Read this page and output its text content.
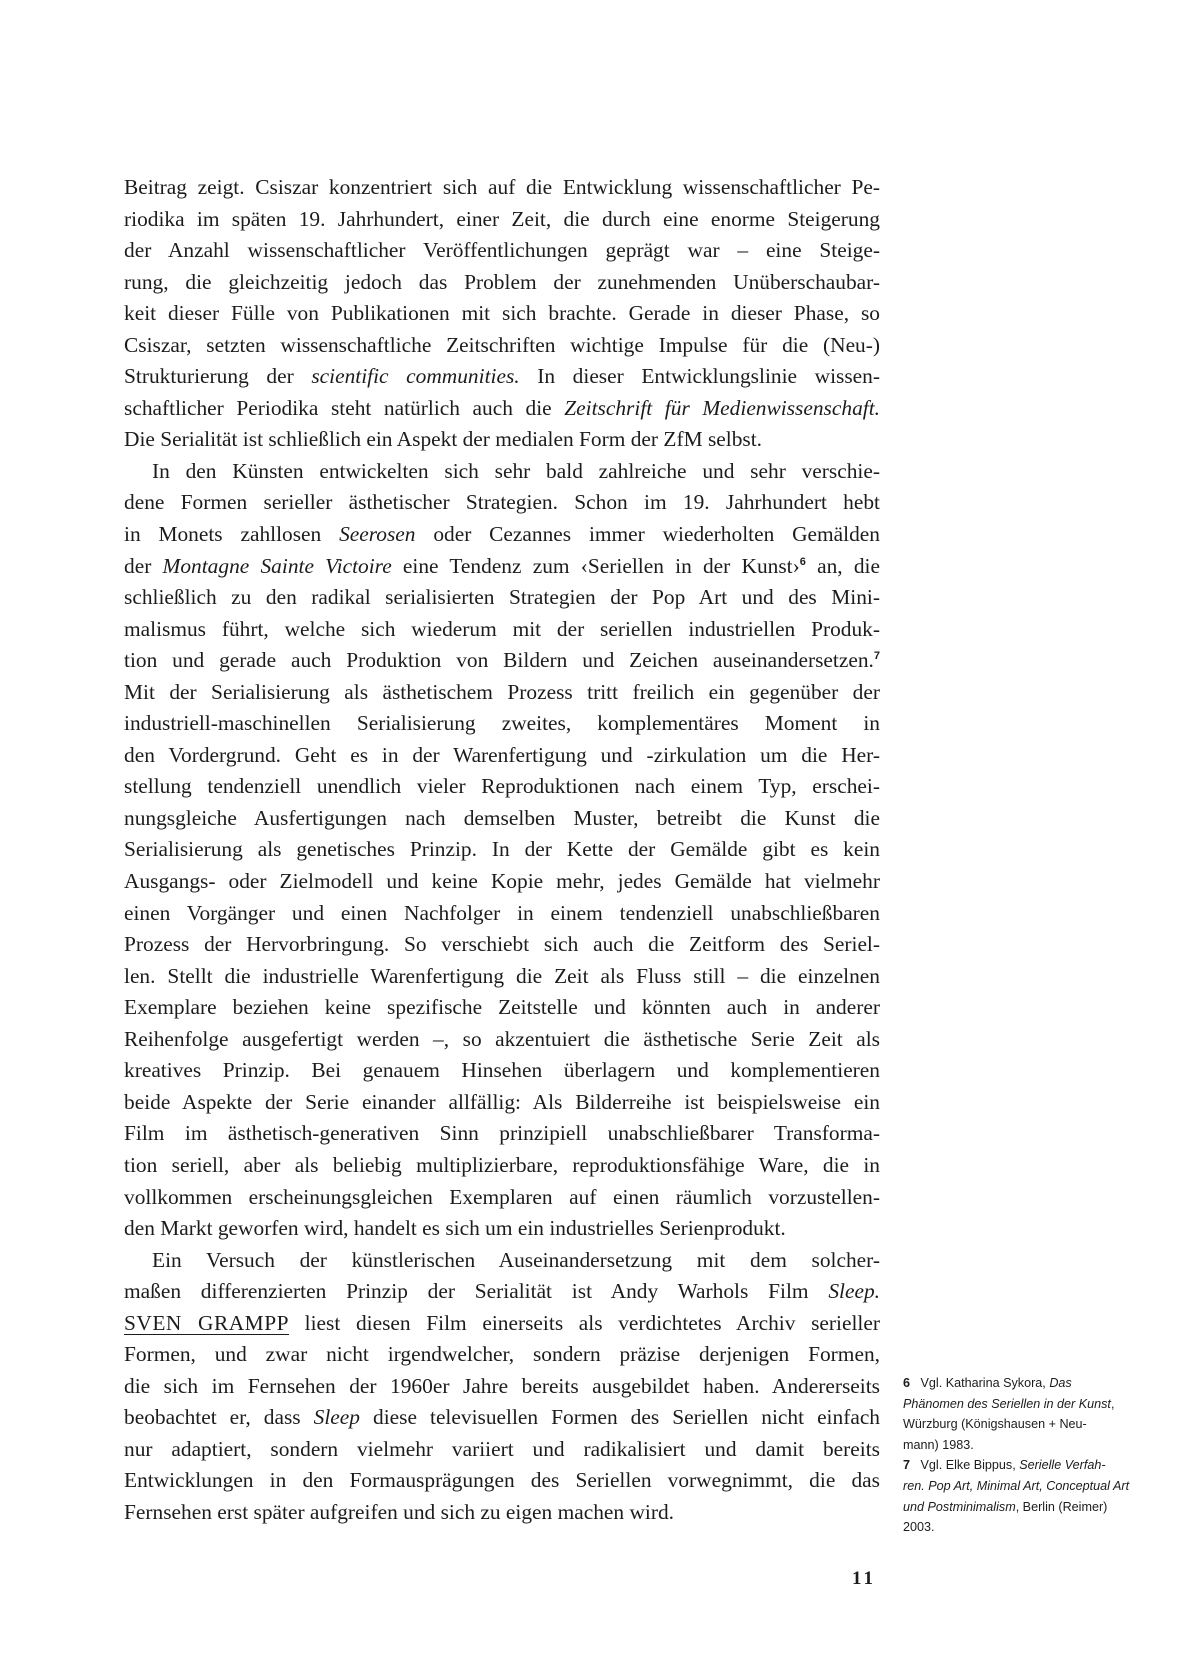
Beitrag zeigt. Csiszar konzentriert sich auf die Entwicklung wissenschaftlicher Pe-
riodika im späten 19. Jahrhundert, einer Zeit, die durch eine enorme Steigerung
der Anzahl wissenschaftlicher Veröffentlichungen geprägt war – eine Steige-
rung, die gleichzeitig jedoch das Problem der zunehmenden Unüberschaubar-
keit dieser Fülle von Publikationen mit sich brachte. Gerade in dieser Phase, so
Csiszar, setzten wissenschaftliche Zeitschriften wichtige Impulse für die (Neu-)
Strukturierung der scientific communities. In dieser Entwicklungslinie wissen-
schaftlicher Periodika steht natürlich auch die Zeitschrift für Medienwissenschaft.
Die Serialität ist schließlich ein Aspekt der medialen Form der ZfM selbst.
In den Künsten entwickelten sich sehr bald zahlreiche und sehr verschie-
dene Formen serieller ästhetischer Strategien. Schon im 19. Jahrhundert hebt
in Monets zahllosen Seerosen oder Cezannes immer wiederholten Gemälden
der Montagne Sainte Victoire eine Tendenz zum ‹Seriellen in der Kunst›$^6$ an, die
schließlich zu den radikal serialisierten Strategien der Pop Art und des Mini-
malismus führt, welche sich wiederum mit der seriellen industriellen Produk-
tion und gerade auch Produktion von Bildern und Zeichen auseinandersetzen.$^7$
Mit der Serialisierung als ästhetischem Prozess tritt freilich ein gegenüber der
industriell-maschinellen Serialisierung zweites, komplementäres Moment in
den Vordergrund. Geht es in der Warenfertigung und -zirkulation um die Her-
stellung tendenziell unendlich vieler Reproduktionen nach einem Typ, erschei-
nungsgleiche Ausfertigungen nach demselben Muster, betreibt die Kunst die
Serialisierung als genetisches Prinzip. In der Kette der Gemälde gibt es kein
Ausgangs- oder Zielmodell und keine Kopie mehr, jedes Gemälde hat vielmehr
einen Vorgänger und einen Nachfolger in einem tendenziell unabschließbaren
Prozess der Hervorbringung. So verschiebt sich auch die Zeitform des Seriel-
len. Stellt die industrielle Warenfertigung die Zeit als Fluss still – die einzelnen
Exemplare beziehen keine spezifische Zeitstelle und könnten auch in anderer
Reihenfolge ausgefertigt werden –, so akzentuiert die ästhetische Serie Zeit als
kreatives Prinzip. Bei genauem Hinsehen überlagern und komplementieren
beide Aspekte der Serie einander allfällig: Als Bilderreihe ist beispielsweise ein
Film im ästhetisch-generativen Sinn prinzipiell unabschließbarer Transforma-
tion seriell, aber als beliebig multiplizierbare, reproduktionsfähige Ware, die in
vollkommen erscheinungsgleichen Exemplaren auf einen räumlich vorzustellen-
den Markt geworfen wird, handelt es sich um ein industrielles Serienprodukt.
Ein Versuch der künstlerischen Auseinandersetzung mit dem solcher-
maßen differenzierten Prinzip der Serialität ist Andy Warhols Film Sleep.
SVEN GRAMPP liest diesen Film einerseits als verdichtetes Archiv serieller
Formen, und zwar nicht irgendwelcher, sondern präzise derjenigen Formen,
die sich im Fernsehen der 1960er Jahre bereits ausgebildet haben. Andererseits
beobachtet er, dass Sleep diese televisuellen Formen des Seriellen nicht einfach
nur adaptiert, sondern vielmehr variiert und radikalisiert und damit bereits
Entwicklungen in den Formausprägungen des Seriellen vorwegnimmt, die das
Fernsehen erst später aufgreifen und sich zu eigen machen wird.
6 Vgl. Katharina Sykora, Das
Phänomen des Seriellen in der Kunst,
Würzburg (Königshausen + Neu-
mann) 1983.
7 Vgl. Elke Bippus, Serielle Verfah-
ren. Pop Art, Minimal Art, Conceptual Art
und Postminimalism, Berlin (Reimer)
2003.
11
